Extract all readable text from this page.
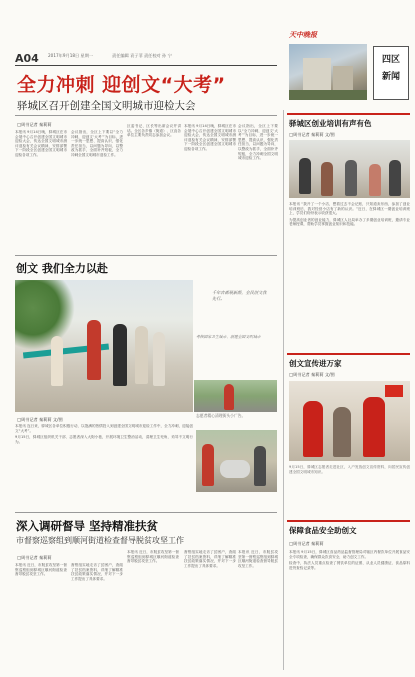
A04 2017年9月18日 星期一	责任编辑 袁子菲 责任校对 孙 宁
天中晚报
四区
新闻
全力冲刺 迎创文“大考”
驿城区召开创建全国文明城市迎检大会
□周书记者 秦莉莉

本报讯 9月14日晚，驿城区在市会展中心召开创建全国文明城市迎检大会，传达全国文明城市测评迎检有关会议精神，安排部署下一阶段全区创建全国文明城市迎检各项工作。

会议指出，全区上下要以“全力冲刺，迎创文‘大考’”为目标，进一步统一思想、提高认识，强化责任担当，以问题为导向，以整改为抓手，全面补齐短板，全力冲刺全国文明城市迎检工作。

区委书记、区长等出席会议并讲话。全区各乡镇（街道）、区直各单位主要负责同志参加会议。

本报讯 9月14日晚，驿城区在市会展中心召开创建全国文明城市迎检大会，传达全国文明城市测评迎检有关会议精神，安排部署下一阶段全区创建全国文明城市迎检各项工作。

会议指出，全区上下要以“全力冲刺，迎创文‘大考’”为目标，进一步统一思想、提高认识，强化责任担当，以问题为导向，以整改为抓手，全面补齐短板，全力冲刺全国文明城市迎检工作。

创文 我们全力以赴
千年古郡展新颜，全民创文我先行。
考核国家卫生城市、创建全国文明城市
志愿者精心清理街头小广告。
□周书记者 秦莉莉 文/图

本报讯 连日来，驿城区各单位积极行动，以饱满的热情投入到创建全国文明城市迎检工作中，全力冲刺，迎接创文“大考”。

9月15日，驿城区组织机关干部、志愿者深入大街小巷，开展环境卫生整治活动，清理卫生死角，劝导不文明行为。

深入调研督导 坚持精准扶贫
市督察巡察组到顺河街道检查督导脱贫攻坚工作
□周书记者 秦莉莉

本报讯 近日，市脱贫攻坚第一督察巡察组到驿城区顺河街道检查督导脱贫攻坚工作。

督察组实地走访了贫困户，查阅了扶贫档案资料，详细了解精准扶贫政策落实情况，并对下一步工作提出了具体要求。

本报讯 近日，市脱贫攻坚第一督察巡察组到驿城区顺河街道检查督导脱贫攻坚工作。

督察组实地走访了贫困户，查阅了扶贫档案资料，详细了解精准扶贫政策落实情况，并对下一步工作提出了具体要求。

本报讯 近日，市脱贫攻坚第一督察巡察组到驿城区顺河街道检查督导脱贫攻坚工作。

驿城区创业培训有声有色
□周书记者 秦莉莉 文/图

本报讯 “我开了一个小店，想看过去不会记账，只知道卖东西，参加了创业培训班后，我对经营小店有了新的认识。”近日，在驿城区一期创业培训班上，学员们纷纷表示收获很大。

为提高创业者的创业能力，驿城区人社局举办了多期创业培训班，邀请专业老师授课，帮助学员掌握创业知识和技能。

创文宣传进万家
□周书记者 秦莉莉 文/图
9月15日，驿城区志愿者走进社区，入户发放创文宣传资料，向居民宣传创建全国文明城市知识。
保障食品安全助创文
□周书记者 秦莉莉

本报讯 9月15日，驿城区食品药品监督管理局对辖区内餐饮单位开展食品安全专项检查，确保群众饮食安全，助力创文工作。

检查中，执法人员重点检查了餐饮单位的证照、从业人员健康证、食品原料进货查验记录等。
